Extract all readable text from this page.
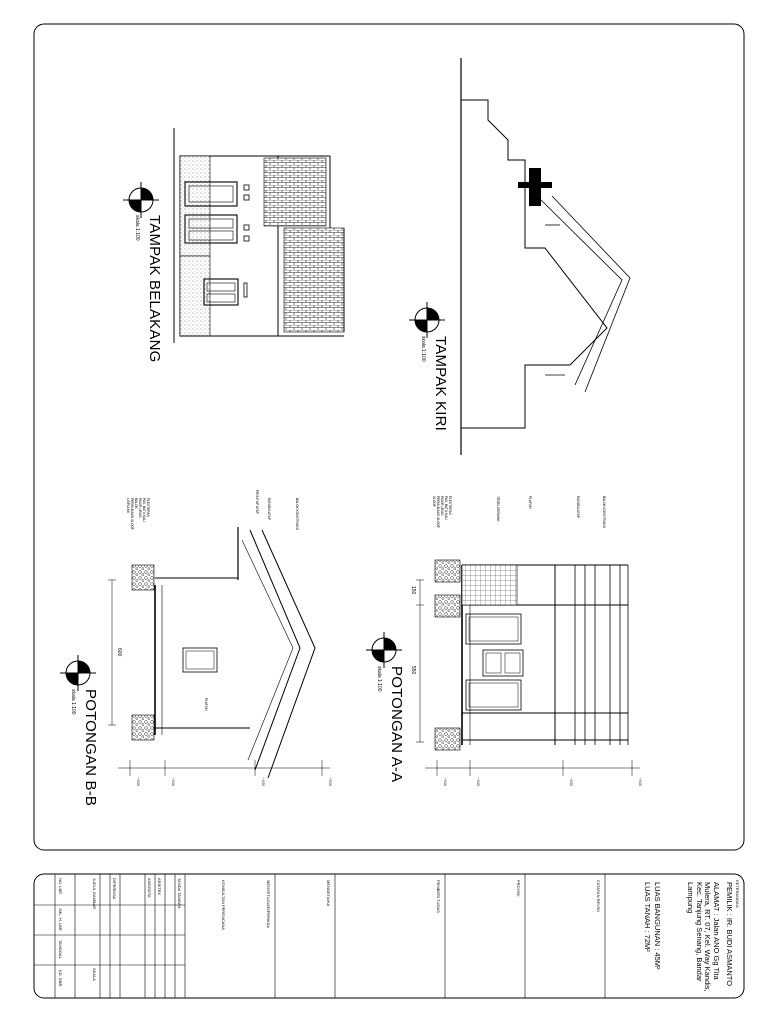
TAMPAK BELAKANG
skala 1:100
TAMPAK KIRI
skala 1:100
POTONGAN B-B
skala 1:100	POTONGAN A-A
skala 1:100
600
150
550
LISPLANK PERMUKAAN SLOOF BALOK PASIR URUG PAS. BATU KALI PLESTERAN
PLAFON
RANGKA ATAP	BALOK KONSTRUKSI
PENUTUP ATAP
+0.00	+3.00	+3.50	+5.00
SLOOF PERMUKAAN SLOOF PASIR URUG PAS. BATU KALI PLESTERAN	TEGEL KERAMIK	RANGKA ATAP	BALOK KONSTRUKSI
PLAFON
+0.00	+3.00	+3.50	+5.00
KETERANGAN
PEMILIK : IR. BUDI ASMANTO
ALAMAT : Jalan ANO Gg Tita Mulera, RT. 07, Kel. Way Kandis, Kec. Tanjung Senang, Bandar Lampung
LUAS BANGUNAN : 45M²
LUAS TANAH : 72M²
CATATAN REVISI
PROYEK
PEMBERI TUGAS
MENGETAHUI
MENYETUJUI/DIPERIKSA
KONSULTAN PERENCANA
TANDA TANGAN
ARSITEK
ANGGOTA
DIPERIKSA
JUDUL GAMBAR
NO. LBR
JML. H. LBR
TANGGAL
SKALA
KD. GBR
